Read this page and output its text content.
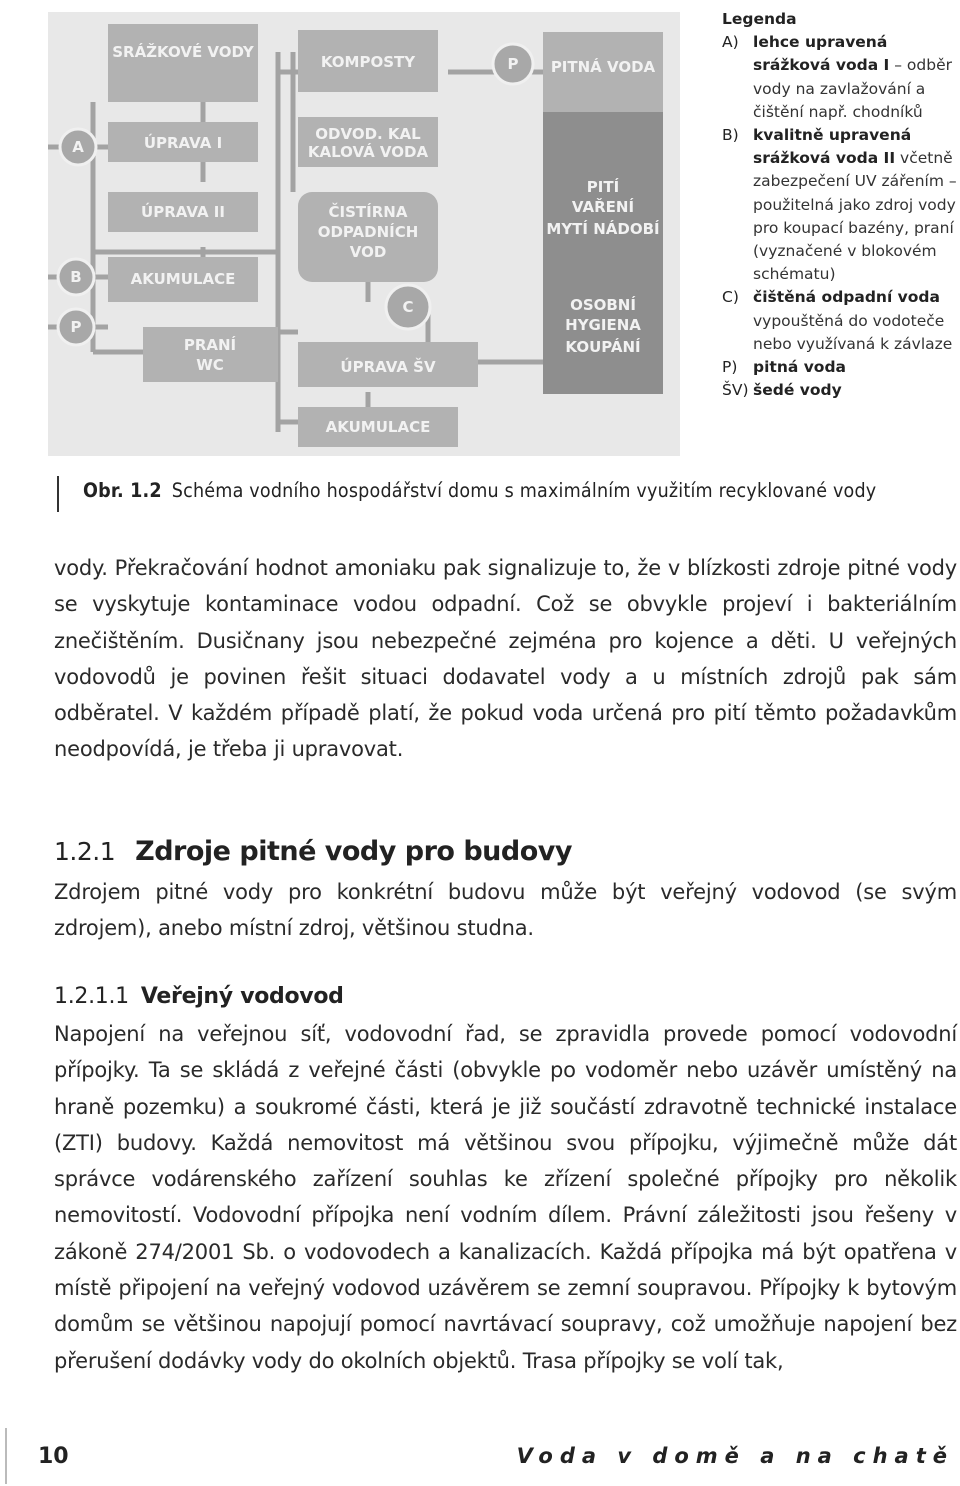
SRÁŽKOVÉ VODY
KOMPOSTY	PITNÁ VODA
ÚPRAVA I	ODVOD. KAL
KALOVÁ VODA
ÚPRAVA II	ČISTÍRNA
ODPADNÍCH
VOD
PITÍ
VAŘENÍ
MYTÍ NÁDOBÍ
AKUMULACE
OSOBNÍ
HYGIENA
KOUPÁNÍ
PRANÍ
WC	ÚPRAVA ŠV
AKUMULACE
A
B
P
C
P
Legenda
A) lehce upravená srážková voda I – odběr vody na zavlažování a čištění např. chodníků
B) kvalitně upravená srážková voda II včetně zabezpečení UV zářením – použitelná jako zdroj vody pro koupací bazény, praní (vyznačené v blokovém schématu)
C) čištěná odpadní voda vypouštěná do vodoteče nebo využívaná k závlaze
P)	pitná voda
ŠV) šedé vody
Obr. 1.2 Schéma vodního hospodářství domu s maximálním využitím recyklované vody
vody. Překračování hodnot amoniaku pak signalizuje to, že v blízkosti zdroje pitné vody se vyskytuje kontaminace vodou odpadní. Což se obvykle projeví i bakteriálním znečištěním. Dusičnany jsou nebezpečné zejména pro kojence a děti. U veřejných vodovodů je povinen řešit situaci dodavatel vody a u místních zdrojů pak sám odběratel. V každém případě platí, že pokud voda určená pro pití těmto požadavkům neodpovídá, je třeba ji upravovat.
1.2.1 Zdroje pitné vody pro budovy
Zdrojem pitné vody pro konkrétní budovu může být veřejný vodovod (se svým zdrojem), anebo místní zdroj, většinou studna.
1.2.1.1 Veřejný vodovod
Napojení na veřejnou síť, vodovodní řad, se zpravidla provede pomocí vodovodní přípojky. Ta se skládá z veřejné části (obvykle po vodoměr nebo uzávěr umístěný na hraně pozemku) a soukromé části, která je již součástí zdravotně technické instalace (ZTI) budovy. Každá nemovitost má většinou svou přípojku, výjimečně může dát správce vodárenského zařízení souhlas ke zřízení společné přípojky pro několik nemovitostí. Vodovodní přípojka není vodním dílem. Právní záležitosti jsou řešeny v zákoně 274/2001 Sb. o vodovodech a kanalizacích. Každá přípojka má být opatřena v místě připojení na veřejný vodovod uzávěrem se zemní soupravou. Přípojky k bytovým domům se většinou napojují pomocí navrtávací soupravy, což umožňuje napojení bez přerušení dodávky vody do okolních objektů. Trasa přípojky se volí tak,
10	Voda v domě a na chatě
